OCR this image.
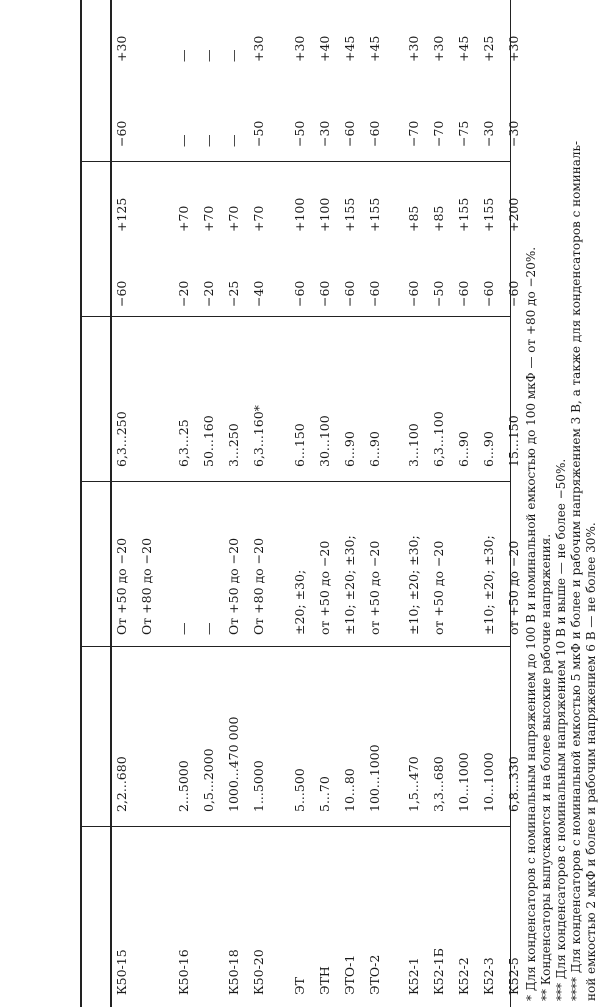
К50-15
2,2...680
От +50 до −20
6,3...250
−60
+125
−60
+30
От +80 до −20
К50-16
2...5000
—
6,3...25
−20
+70
—
—
0,5...2000
—
50...160
−20
+70
—
—
К50-18
1000...470 000
От +50 до −20
3...250
−25
+70
—
—
К50-20
1...5000
От +80 до −20
6,3...160*
−40
+70
−50
+30
ЭТ
5...500
±20; ±30;
6...150
−60
+100
−50
+30
ЭТН
5...70
от +50 до −20
30...100
−60
+100
−30
+40
ЭТО-1
10...80
±10; ±20; ±30;
6...90
−60
+155
−60
+45
ЭТО-2
100...1000
от +50 до −20
6...90
−60
+155
−60
+45
К52-1
1,5...470
±10; ±20; ±30;
3...100
−60
+85
−70
+30
К52-1Б
3,3...680
от +50 до −20
6,3...100
−50
+85
−70
+30
К52-2
10...1000
6...90
−60
+155
−75
+45
К52-3
10...1000
±10; ±20; ±30;
6...90
−60
+155
−30
+25
К52-5
6,8...330
от +50 до −20
15...150
−60
+200
−30
+30
* Для конденсаторов с номинальным напряжением до 100 В и номинальной емкостью до 100 мкФ — от +80 до −20%. ** Конденсаторы выпускаются и на более высокие рабочие напряжения. *** Для конденсаторов с номинальным напряжением 10 В и выше — не более −50%. **** Для конденсаторов с номинальной емкостью 5 мкФ и более и рабочим напряжением 3 В, а также для конденсаторов с номиналь- ной емкостью 2 мкФ и более и рабочим напряжением 6 В — не более 30%.
